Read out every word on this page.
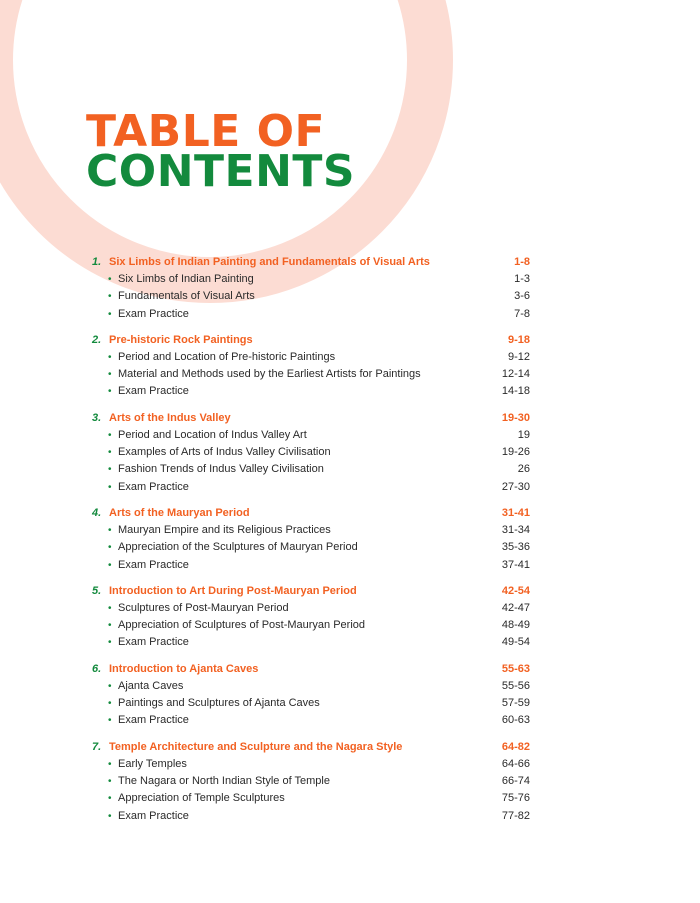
TABLE OF
CONTENTS
1. Six Limbs of Indian Painting and Fundamentals of Visual Arts	1-8
• Six Limbs of Indian Painting	1-3
• Fundamentals of Visual Arts	3-6
• Exam Practice	7-8
2. Pre-historic Rock Paintings	9-18
• Period and Location of Pre-historic Paintings	9-12
• Material and Methods used by the Earliest Artists for Paintings	12-14
• Exam Practice	14-18
3. Arts of the Indus Valley	19-30
• Period and Location of Indus Valley Art	19
• Examples of Arts of Indus Valley Civilisation	19-26
• Fashion Trends of Indus Valley Civilisation	26
• Exam Practice	27-30
4. Arts of the Mauryan Period	31-41
• Mauryan Empire and its Religious Practices	31-34
• Appreciation of the Sculptures of Mauryan Period	35-36
• Exam Practice	37-41
5. Introduction to Art During Post-Mauryan Period	42-54
• Sculptures of Post-Mauryan Period	42-47
• Appreciation of Sculptures of Post-Mauryan Period	48-49
• Exam Practice	49-54
6. Introduction to Ajanta Caves	55-63
• Ajanta Caves	55-56
• Paintings and Sculptures of Ajanta Caves	57-59
• Exam Practice	60-63
7. Temple Architecture and Sculpture and the Nagara Style	64-82
• Early Temples	64-66
• The Nagara or North Indian Style of Temple	66-74
• Appreciation of Temple Sculptures	75-76
• Exam Practice	77-82
